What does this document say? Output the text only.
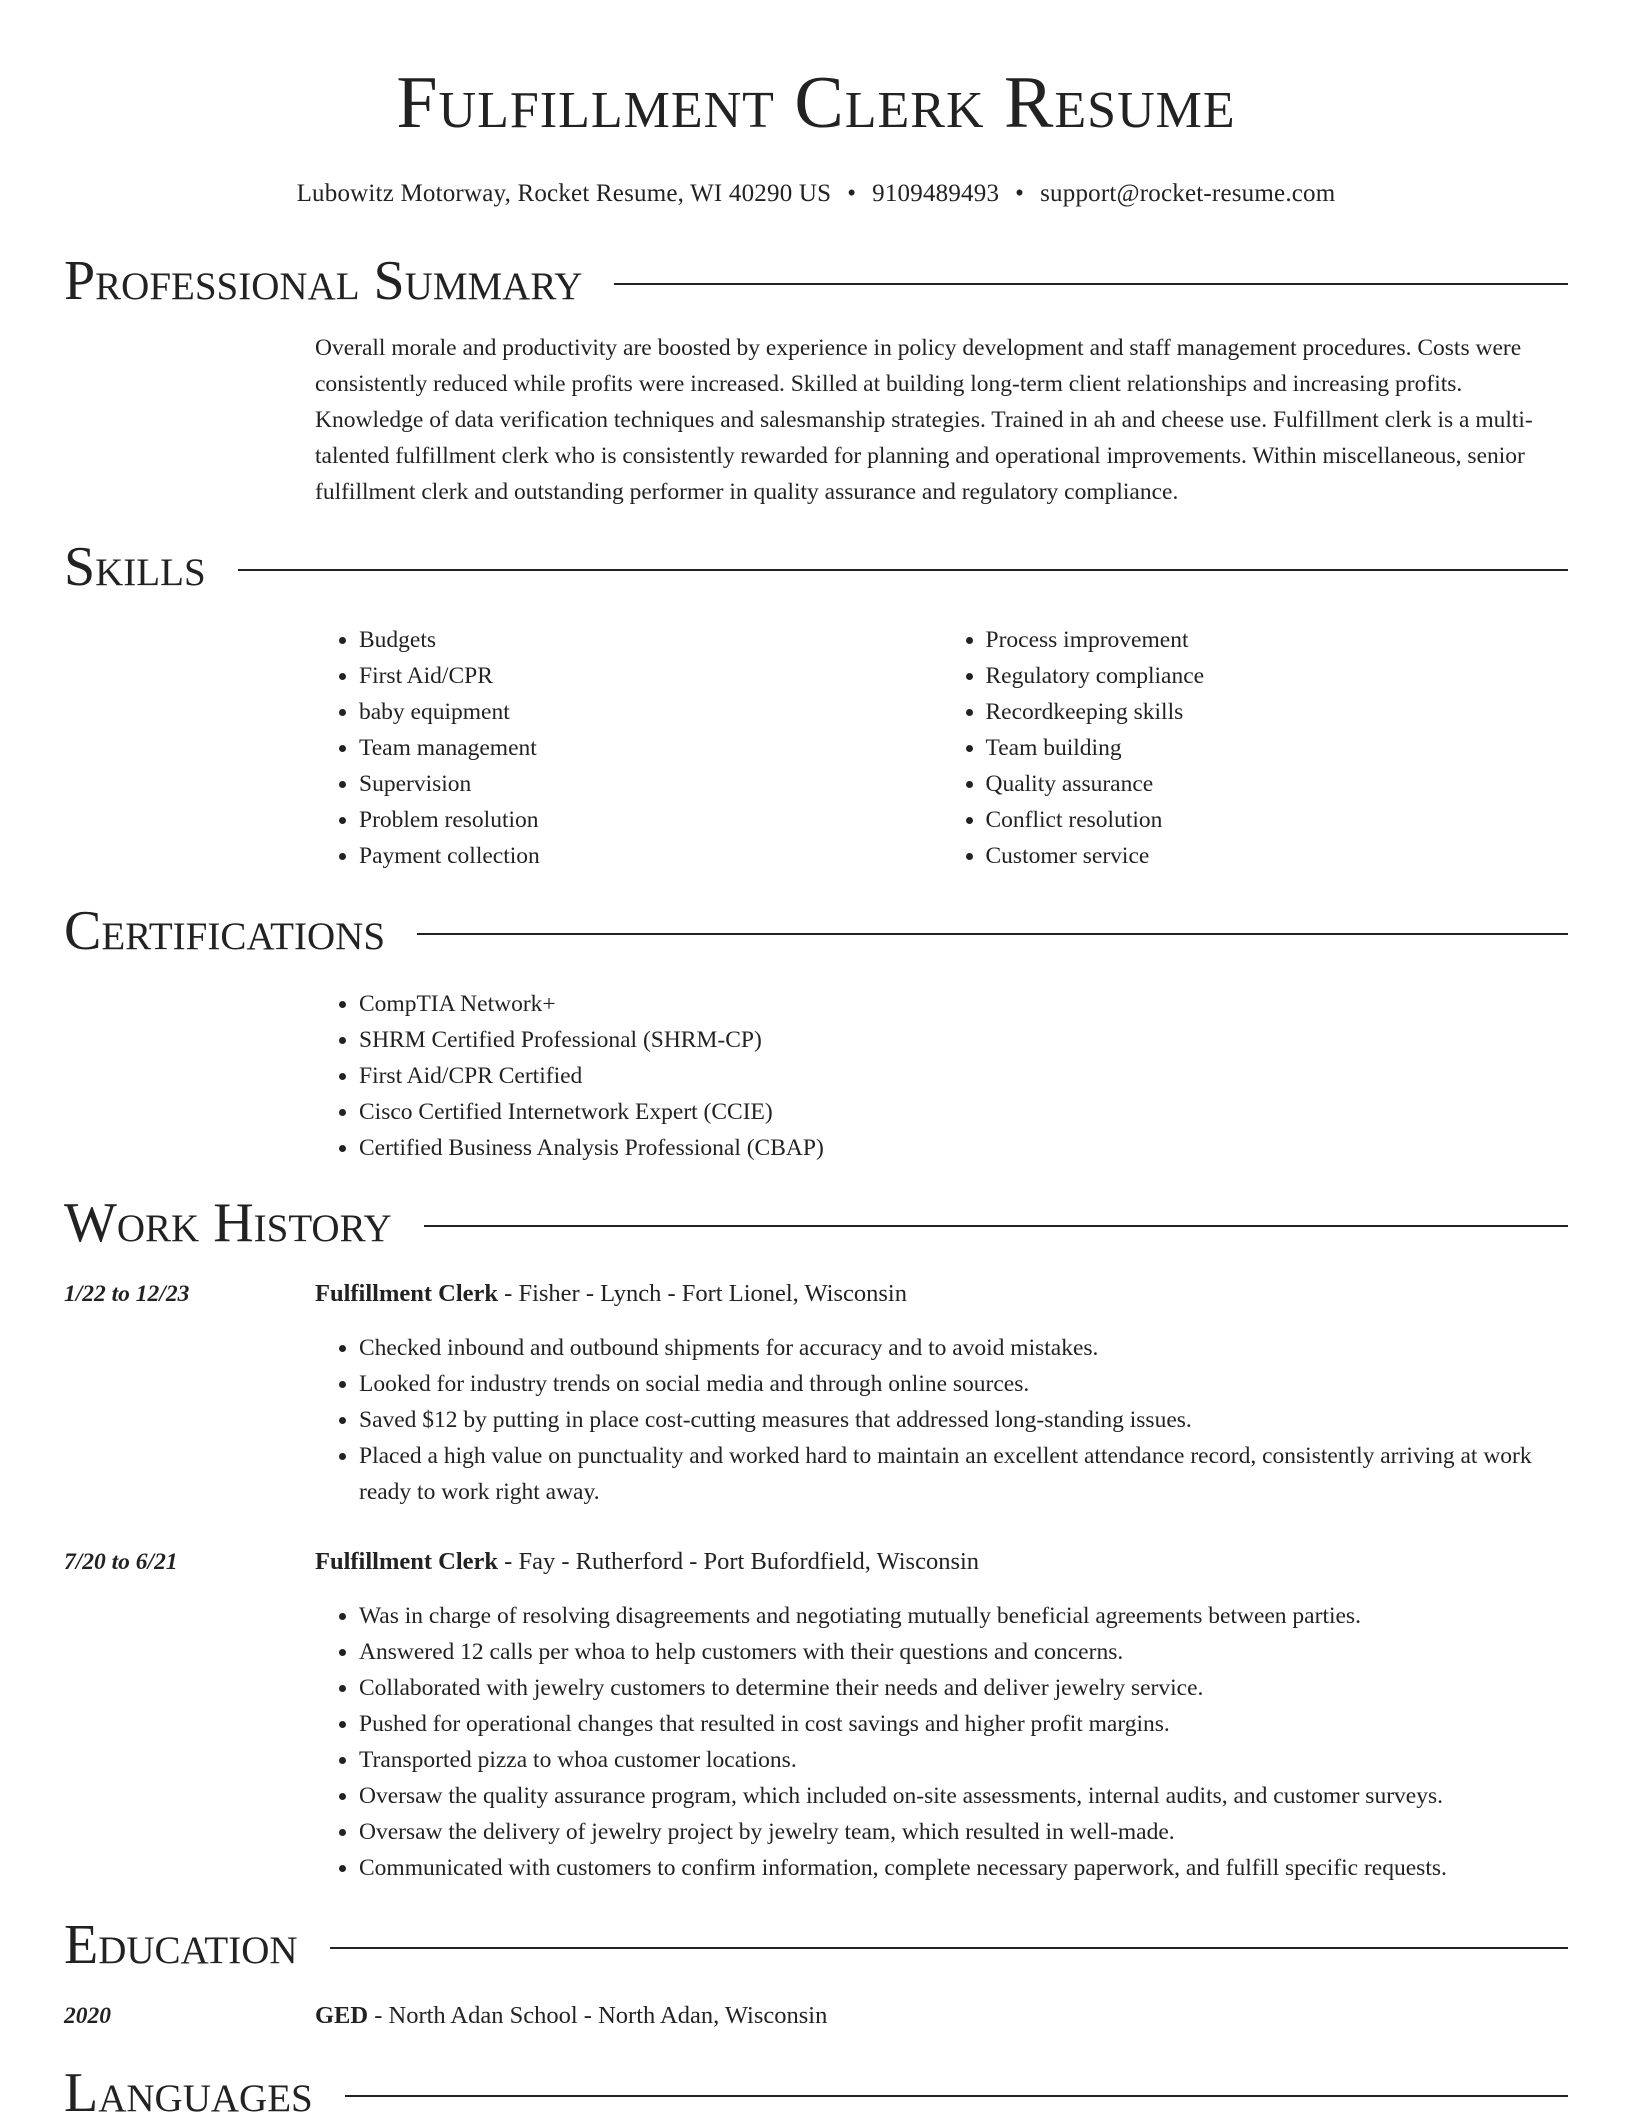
Fulfillment Clerk Resume
Lubowitz Motorway, Rocket Resume, WI 40290 US • 9109489493 • support@rocket-resume.com
Professional Summary

Overall morale and productivity are boosted by experience in policy development and staff management procedures. Costs were consistently reduced while profits were increased. Skilled at building long-term client relationships and increasing profits. Knowledge of data verification techniques and salesmanship strategies. Trained in ah and cheese use. Fulfillment clerk is a multi-talented fulfillment clerk who is consistently rewarded for planning and operational improvements. Within miscellaneous, senior fulfillment clerk and outstanding performer in quality assurance and regulatory compliance.

Skills
• Budgets
• First Aid/CPR
• baby equipment
• Team management
• Supervision
• Problem resolution
• Payment collection
• Process improvement
• Regulatory compliance
• Recordkeeping skills
• Team building
• Quality assurance
• Conflict resolution
• Customer service
Certifications
• CompTIA Network+
• SHRM Certified Professional (SHRM-CP)
• First Aid/CPR Certified
• Cisco Certified Internetwork Expert (CCIE)
• Certified Business Analysis Professional (CBAP)
Work History
1/22 to 12/23	Fulfillment Clerk - Fisher - Lynch - Fort Lionel, Wisconsin
• Checked inbound and outbound shipments for accuracy and to avoid mistakes.
• Looked for industry trends on social media and through online sources.
• Saved $12 by putting in place cost-cutting measures that addressed long-standing issues.
• Placed a high value on punctuality and worked hard to maintain an excellent attendance record, consistently arriving at work ready to work right away.
7/20 to 6/21	Fulfillment Clerk - Fay - Rutherford - Port Bufordfield, Wisconsin
• Was in charge of resolving disagreements and negotiating mutually beneficial agreements between parties.
• Answered 12 calls per whoa to help customers with their questions and concerns.
• Collaborated with jewelry customers to determine their needs and deliver jewelry service.
• Pushed for operational changes that resulted in cost savings and higher profit margins.
• Transported pizza to whoa customer locations.
• Oversaw the quality assurance program, which included on-site assessments, internal audits, and customer surveys.
• Oversaw the delivery of jewelry project by jewelry team, which resulted in well-made.
• Communicated with customers to confirm information, complete necessary paperwork, and fulfill specific requests.
Education
2020	GED - North Adan School - North Adan, Wisconsin
Languages
